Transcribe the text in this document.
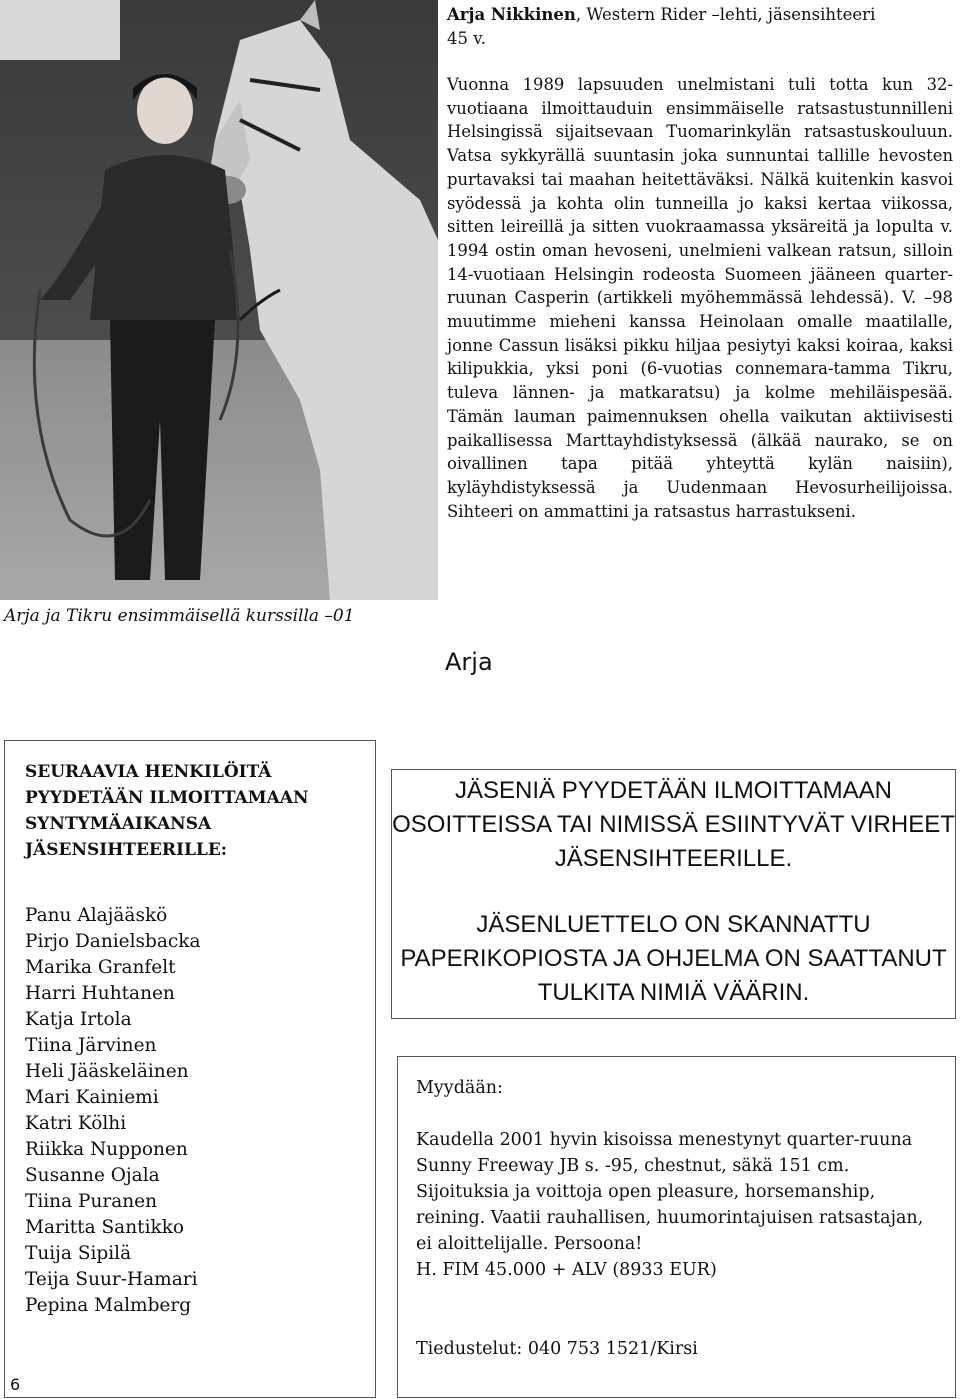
Arja ja Tikru ensimmäisellä kurssilla –01
Arja Nikkinen, Western Rider –lehti, jäsensihteeri
45 v.
Vuonna 1989 lapsuuden unelmistani tuli totta kun 32-vuotiaana ilmoittauduin ensimmäiselle ratsastustunnilleni Helsingissä sijaitsevaan Tuomarinkylän ratsastuskouluun. Vatsa sykkyrällä suuntasin joka sunnuntai tallille hevosten purtavaksi tai maahan heitettäväksi. Nälkä kuitenkin kasvoi syödessä ja kohta olin tunneilla jo kaksi kertaa viikossa, sitten leireillä ja sitten vuokraamassa yksäreitä ja lopulta v. 1994 ostin oman hevoseni, unelmieni valkean ratsun, silloin 14-vuotiaan Helsingin rodeosta Suomeen jääneen quarter-ruunan Casperin (artikkeli myöhemmässä lehdessä). V. –98 muutimme mieheni kanssa Heinolaan omalle maatilalle, jonne Cassun lisäksi pikku hiljaa pesiytyi kaksi koiraa, kaksi kilipukkia, yksi poni (6-vuotias connemara-tamma Tikru, tuleva lännen- ja matkaratsu) ja kolme mehiläispesää. Tämän lauman paimennuksen ohella vaikutan aktiivisesti paikallisessa Marttayhdistyksessä (älkää naurako, se on oivallinen tapa pitää yhteyttä kylän naisiin), kyläyhdistyksessä ja Uudenmaan Hevosurheilijoissa. Sihteeri on ammattini ja ratsastus harrastukseni.
Arja
SEURAAVIA HENKILÖITÄ PYYDETÄÄN ILMOITTAMAAN SYNTYMÄAIKANSA JÄSENSIHTEERILLE:
Panu Alajääskö
Pirjo Danielsbacka
Marika Granfelt
Harri Huhtanen
Katja Irtola
Tiina Järvinen
Heli Jääskeläinen
Mari Kainiemi
Katri Kölhi
Riikka Nupponen
Susanne Ojala
Tiina Puranen
Maritta Santikko
Tuija Sipilä
Teija Suur-Hamari
Pepina Malmberg
6

JÄSENIÄ PYYDETÄÄN ILMOITTAMAAN OSOITTEISSA TAI NIMISSÄ ESIINTYVÄT VIRHEET JÄSENSIHTEERILLE.

JÄSENLUETTELO ON SKANNATTU PAPERIKOPIOSTA JA OHJELMA ON SAATTANUT TULKITA NIMIÄ VÄÄRIN.

Myydään:

Kaudella 2001 hyvin kisoissa menestynyt quarter-ruuna Sunny Freeway JB s. -95, chestnut, säkä 151 cm. Sijoituksia ja voittoja open pleasure, horsemanship, reining. Vaatii rauhallisen, huumorintajuisen ratsastajan, ei aloittelijalle. Persoona!

H. FIM 45.000 + ALV (8933 EUR)

Tiedustelut: 040 753 1521/Kirsi
